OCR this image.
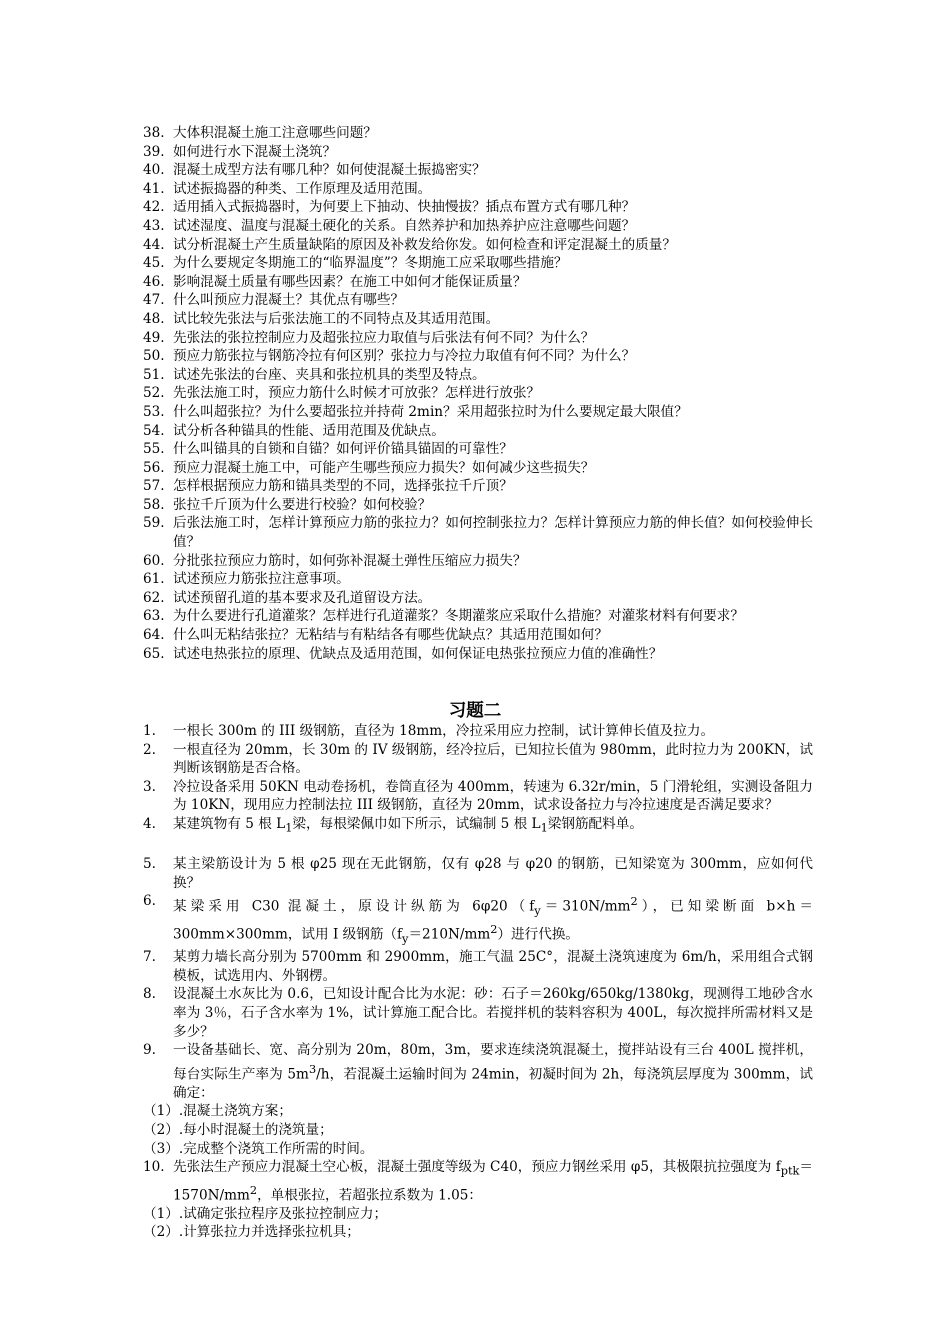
38. 大体积混凝土施工注意哪些问题？
39. 如何进行水下混凝土浇筑？
40. 混凝土成型方法有哪几种？如何使混凝土振捣密实？
41. 试述振捣器的种类、工作原理及适用范围。
42. 适用插入式振捣器时，为何要上下抽动、快抽慢拔？插点布置方式有哪几种？
43. 试述湿度、温度与混凝土硬化的关系。自然养护和加热养护应注意哪些问题？
44. 试分析混凝土产生质量缺陷的原因及补救发给你发。如何检查和评定混凝土的质量？
45. 为什么要规定冬期施工的“临界温度”？冬期施工应采取哪些措施？
46. 影响混凝土质量有哪些因素？在施工中如何才能保证质量？
47. 什么叫预应力混凝土？其优点有哪些？
48. 试比较先张法与后张法施工的不同特点及其适用范围。
49. 先张法的张拉控制应力及超张拉应力取值与后张法有何不同？为什么？
50. 预应力筋张拉与钢筋冷拉有何区别？张拉力与冷拉力取值有何不同？为什么？
51. 试述先张法的台座、夹具和张拉机具的类型及特点。
52. 先张法施工时，预应力筋什么时候才可放张？怎样进行放张？
53. 什么叫超张拉？为什么要超张拉并持荷 2min？采用超张拉时为什么要规定最大限值？
54. 试分析各种锚具的性能、适用范围及优缺点。
55. 什么叫锚具的自锁和自锚？如何评价锚具锚固的可靠性？
56. 预应力混凝土施工中，可能产生哪些预应力损失？如何减少这些损失？
57. 怎样根据预应力筋和锚具类型的不同，选择张拉千斤顶？
58. 张拉千斤顶为什么要进行校验？如何校验？
59. 后张法施工时，怎样计算预应力筋的张拉力？如何控制张拉力？怎样计算预应力筋的伸长值？如何校验伸长值？
60. 分批张拉预应力筋时，如何弥补混凝土弹性压缩应力损失？
61. 试述预应力筋张拉注意事项。
62. 试述预留孔道的基本要求及孔道留设方法。
63. 为什么要进行孔道灌浆？怎样进行孔道灌浆？冬期灌浆应采取什么措施？对灌浆材料有何要求？
64. 什么叫无粘结张拉？无粘结与有粘结各有哪些优缺点？其适用范围如何？
65. 试述电热张拉的原理、优缺点及适用范围，如何保证电热张拉预应力值的准确性？
习题二
1.	一根长 300m 的 III 级钢筋，直径为 18mm，冷拉采用应力控制，试计算伸长值及拉力。
2.	一根直径为 20mm，长 30m 的 IV 级钢筋，经冷拉后，已知拉长值为 980mm，此时拉力为 200KN，试判断该钢筋是否合格。
3.	冷拉设备采用 50KN 电动卷扬机，卷筒直径为 400mm，转速为 6.32r/min，5 门滑轮组，实测设备阻力为 10KN，现用应力控制法拉 III 级钢筋，直径为 20mm，试求设备拉力与冷拉速度是否满足要求？
4.	某建筑物有 5 根 $L_1$梁，每根梁佩巾如下所示，试编制 5 根 $L_1$梁钢筋配料单。
5.	某主梁筋设计为 5 根 φ25 现在无此钢筋，仅有 φ28 与 φ20 的钢筋，已知梁宽为 300mm，应如何代换？
6.	某梁采用 C30 混凝土，原设计纵筋为 $6\varphi 20(f_y=310N/mm^2)$，已知梁断面 b×h＝300mm×300mm，试用 I 级钢筋$(f_y=210N/mm^2)$进行代换。
7.	某剪力墙长高分别为 5700mm 和 2900mm，施工气温 25C°，混凝土浇筑速度为 6m/h，采用组合式钢模板，试选用内、外钢楞。
8.	设混凝土水灰比为 0.6，已知设计配合比为水泥：砂：石子＝260kg/650kg/1380kg，现测得工地砂含水率为 3％，石子含水率为 1%，试计算施工配合比。若搅拌机的装料容积为 400L，每次搅拌所需材料又是多少？
9.	一设备基础长、宽、高分别为 20m，80m，3m，要求连续浇筑混凝土，搅拌站设有三台 400L 搅拌机，每台实际生产率为 $5m^3/h$，若混凝土运输时间为 24min，初凝时间为 2h，每浇筑层厚度为 300mm，试确定：
（1）.混凝土浇筑方案；
（2）.每小时混凝土的浇筑量；
（3）.完成整个浇筑工作所需的时间。
10. 先张法生产预应力混凝土空心板，混凝土强度等级为 C40，预应力钢丝采用 φ5，其极限抗拉强度为 $f_{ptk}=1570N/mm^2$，单根张拉，若超张拉系数为 1.05：
（1）.试确定张拉程序及张拉控制应力；
（2）.计算张拉力并选择张拉机具；
